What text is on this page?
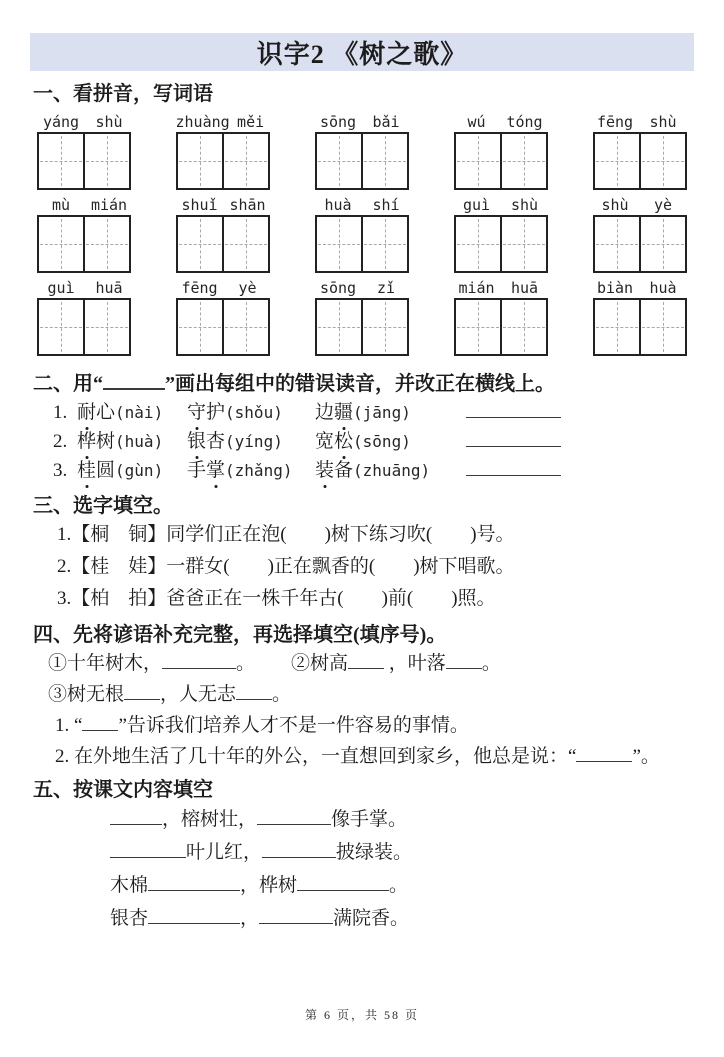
识字2 《树之歌》
一、看拼音，写词语
yáng	shù	zhuàng měi	sōng	bǎi	wú	tóng	fēng	shù
mù	mián	shuǐ shān	huà	shí	guì	shù	shù	yè
guì	huā	fēng	yè	sōng	zǐ	mián	huā	biàn	huà
二、用“	”画出每组中的错误读音，并改正在横线上。
1. 耐心(nài)	守护(shǒu)	边疆(jāng)
2. 桦树(huà)	银杏(yíng)	宽松(sōng)
3. 桂圆(gùn)	手掌(zhǎng)	装备(zhuāng)
三、选字填空。
1.【桐　铜】同学们正在泡(　　)树下练习吹(　　)号。
2.【桂　娃】一群女(　　)正在飘香的(　　)树下唱歌。
3.【柏　拍】爸爸正在一株千年古(　　)前(　　)照。
四、先将谚语补充完整，再选择填空(填序号)。
①十年树木，	。 ②树高 ，叶落 。
③树无根 ，人无志 。
1. “ ”告诉我们培养人才不是一件容易的事情。
2. 在外地生活了几十年的外公，一直想回到家乡，他总是说：“	”。
五、按课文内容填空
，榕树壮，	像手掌。
叶儿红，	披绿装。
木棉	，桦树	。
银杏	，	满院香。
第 6 页，共 58 页
